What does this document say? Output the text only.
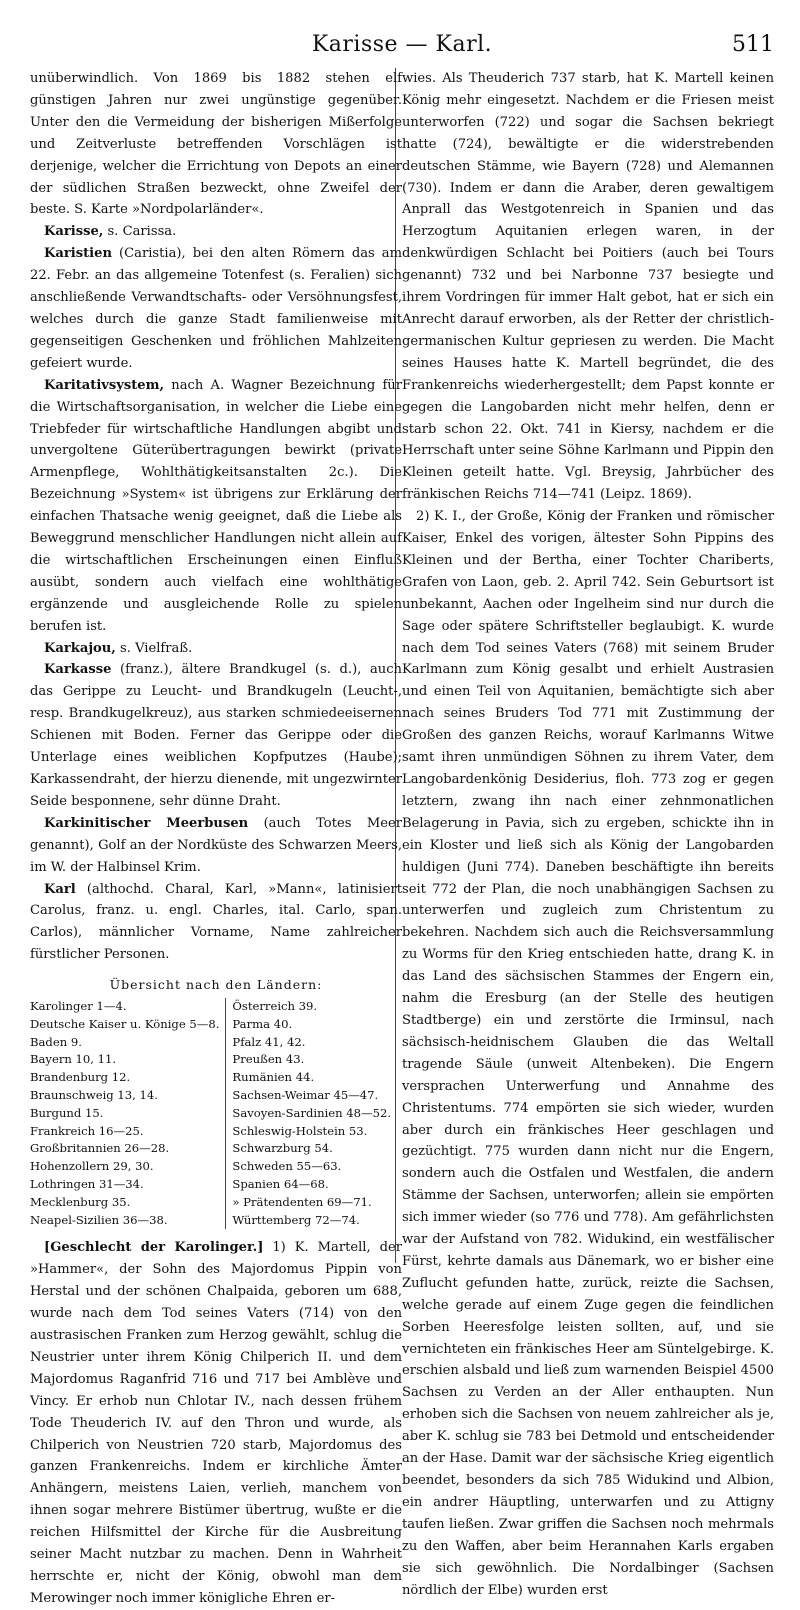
Karisse — Karl.	511

unüberwindlich. Von 1869 bis 1882 stehen elf günstigen Jahren nur zwei ungünstige gegenüber. Unter den die Vermeidung der bisherigen Mißerfolge und Zeitverluste betreffenden Vorschlägen ist derjenige, welcher die Errichtung von Depots an einer der südlichen Straßen bezweckt, ohne Zweifel der beste. S. Karte »Nordpolarländer«.

Karisse, s. Carissa.

Karistien (Caristia), bei den alten Römern das am 22. Febr. an das allgemeine Totenfest (s. Feralien) sich anschließende Verwandtschafts- oder Versöhnungsfest, welches durch die ganze Stadt familienweise mit gegenseitigen Geschenken und fröhlichen Mahlzeiten gefeiert wurde.

Karitativsystem, nach A. Wagner Bezeichnung für die Wirtschaftsorganisation, in welcher die Liebe eine Triebfeder für wirtschaftliche Handlungen abgibt und unvergoltene Güterübertragungen bewirkt (private Armenpflege, Wohlthätigkeitsanstalten 2c.). Die Bezeichnung »System« ist übrigens zur Erklärung der einfachen Thatsache wenig geeignet, daß die Liebe als Beweggrund menschlicher Handlungen nicht allein auf die wirtschaftlichen Erscheinungen einen Einfluß ausübt, sondern auch vielfach eine wohlthätige ergänzende und ausgleichende Rolle zu spielen berufen ist.

Karkajou, s. Vielfraß.

Karkasse (franz.), ältere Brandkugel (s. d.), auch das Gerippe zu Leucht- und Brandkugeln (Leucht-, resp. Brandkugelkreuz), aus starken schmiedeeisernen Schienen mit Boden. Ferner das Gerippe oder die Unterlage eines weiblichen Kopfputzes (Haube); Karkassendraht, der hierzu dienende, mit ungezwirnter Seide besponnene, sehr dünne Draht.

Karkinitischer Meerbusen (auch Totes Meer genannt), Golf an der Nordküste des Schwarzen Meers, im W. der Halbinsel Krim.

Karl (althochd. Charal, Karl, »Mann«, latinisiert Carolus, franz. u. engl. Charles, ital. Carlo, span. Carlos), männlicher Vorname, Name zahlreicher fürstlicher Personen.

Übersicht nach den Ländern:
Karolinger 1—4.
Deutsche Kaiser u. Könige 5—8.
Baden 9.
Bayern 10, 11.
Brandenburg 12.
Braunschweig 13, 14.
Burgund 15.
Frankreich 16—25.
Großbritannien 26—28.
Hohenzollern 29, 30.
Lothringen 31—34.
Mecklenburg 35.
Neapel-Sizilien 36—38.
Österreich 39.
Parma 40.
Pfalz 41, 42.
Preußen 43.
Rumänien 44.
Sachsen-Weimar 45—47.
Savoyen-Sardinien 48—52.
Schleswig-Holstein 53.
Schwarzburg 54.
Schweden 55—63.
Spanien 64—68.
» Prätendenten 69—71.
Württemberg 72—74.

[Geschlecht der Karolinger.] 1) K. Martell, der »Hammer«, der Sohn des Majordomus Pippin von Herstal und der schönen Chalpaida, geboren um 688, wurde nach dem Tod seines Vaters (714) von den austrasischen Franken zum Herzog gewählt, schlug die Neustrier unter ihrem König Chilperich II. und dem Majordomus Raganfrid 716 und 717 bei Amblève und Vincy. Er erhob nun Chlotar IV., nach dessen frühem Tode Theuderich IV. auf den Thron und wurde, als Chilperich von Neustrien 720 starb, Majordomus des ganzen Frankenreichs. Indem er kirchliche Ämter Anhängern, meistens Laien, verlieh, manchem von ihnen sogar mehrere Bistümer übertrug, wußte er die reichen Hilfsmittel der Kirche für die Ausbreitung seiner Macht nutzbar zu machen. Denn in Wahrheit herrschte er, nicht der König, obwohl man dem Merowinger noch immer königliche Ehren er-

wies. Als Theuderich 737 starb, hat K. Martell keinen König mehr eingesetzt. Nachdem er die Friesen meist unterworfen (722) und sogar die Sachsen bekriegt hatte (724), bewältigte er die widerstrebenden deutschen Stämme, wie Bayern (728) und Alemannen (730). Indem er dann die Araber, deren gewaltigem Anprall das Westgotenreich in Spanien und das Herzogtum Aquitanien erlegen waren, in der denkwürdigen Schlacht bei Poitiers (auch bei Tours genannt) 732 und bei Narbonne 737 besiegte und ihrem Vordringen für immer Halt gebot, hat er sich ein Anrecht darauf erworben, als der Retter der christlich-germanischen Kultur gepriesen zu werden. Die Macht seines Hauses hatte K. Martell begründet, die des Frankenreichs wiederhergestellt; dem Papst konnte er gegen die Langobarden nicht mehr helfen, denn er starb schon 22. Okt. 741 in Kiersy, nachdem er die Herrschaft unter seine Söhne Karlmann und Pippin den Kleinen geteilt hatte. Vgl. Breysig, Jahrbücher des fränkischen Reichs 714—741 (Leipz. 1869).

2) K. I., der Große, König der Franken und römischer Kaiser, Enkel des vorigen, ältester Sohn Pippins des Kleinen und der Bertha, einer Tochter Chariberts, Grafen von Laon, geb. 2. April 742. Sein Geburtsort ist unbekannt, Aachen oder Ingelheim sind nur durch die Sage oder spätere Schriftsteller beglaubigt. K. wurde nach dem Tod seines Vaters (768) mit seinem Bruder Karlmann zum König gesalbt und erhielt Austrasien und einen Teil von Aquitanien, bemächtigte sich aber nach seines Bruders Tod 771 mit Zustimmung der Großen des ganzen Reichs, worauf Karlmanns Witwe samt ihren unmündigen Söhnen zu ihrem Vater, dem Langobardenkönig Desiderius, floh. 773 zog er gegen letztern, zwang ihn nach einer zehnmonatlichen Belagerung in Pavia, sich zu ergeben, schickte ihn in ein Kloster und ließ sich als König der Langobarden huldigen (Juni 774). Daneben beschäftigte ihn bereits seit 772 der Plan, die noch unabhängigen Sachsen zu unterwerfen und zugleich zum Christentum zu bekehren. Nachdem sich auch die Reichsversammlung zu Worms für den Krieg entschieden hatte, drang K. in das Land des sächsischen Stammes der Engern ein, nahm die Eresburg (an der Stelle des heutigen Stadtberge) ein und zerstörte die Irminsul, nach sächsisch-heidnischem Glauben die das Weltall tragende Säule (unweit Altenbeken). Die Engern versprachen Unterwerfung und Annahme des Christentums. 774 empörten sie sich wieder, wurden aber durch ein fränkisches Heer geschlagen und gezüchtigt. 775 wurden dann nicht nur die Engern, sondern auch die Ostfalen und Westfalen, die andern Stämme der Sachsen, unterworfen; allein sie empörten sich immer wieder (so 776 und 778). Am gefährlichsten war der Aufstand von 782. Widukind, ein westfälischer Fürst, kehrte damals aus Dänemark, wo er bisher eine Zuflucht gefunden hatte, zurück, reizte die Sachsen, welche gerade auf einem Zuge gegen die feindlichen Sorben Heeresfolge leisten sollten, auf, und sie vernichteten ein fränkisches Heer am Süntelgebirge. K. erschien alsbald und ließ zum warnenden Beispiel 4500 Sachsen zu Verden an der Aller enthaupten. Nun erhoben sich die Sachsen von neuem zahlreicher als je, aber K. schlug sie 783 bei Detmold und entscheidender an der Hase. Damit war der sächsische Krieg eigentlich beendet, besonders da sich 785 Widukind und Albion, ein andrer Häuptling, unterwarfen und zu Attigny taufen ließen. Zwar griffen die Sachsen noch mehrmals zu den Waffen, aber beim Herannahen Karls ergaben sie sich gewöhnlich. Die Nordalbinger (Sachsen nördlich der Elbe) wurden erst
